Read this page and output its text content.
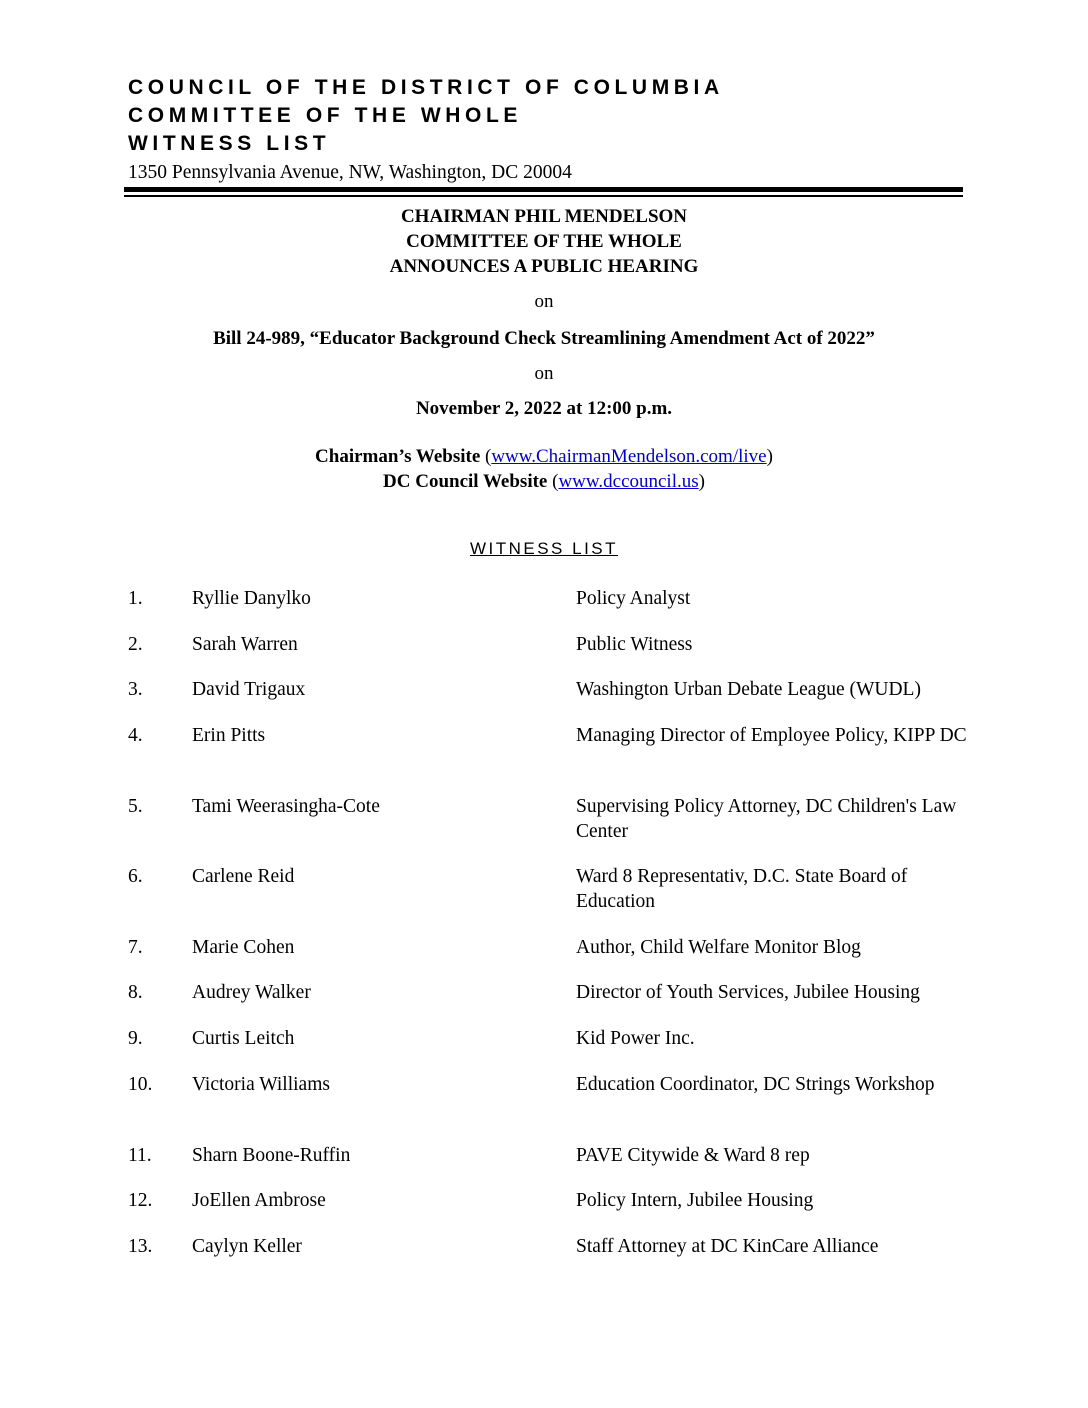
COUNCIL OF THE DISTRICT OF COLUMBIA
COMMITTEE OF THE WHOLE
WITNESS LIST
1350 Pennsylvania Avenue, NW, Washington, DC 20004
CHAIRMAN PHIL MENDELSON
COMMITTEE OF THE WHOLE
ANNOUNCES A PUBLIC HEARING
on
Bill 24-989, “Educator Background Check Streamlining Amendment Act of 2022”
on
November 2, 2022 at 12:00 p.m.
Chairman’s Website (www.ChairmanMendelson.com/live)
DC Council Website (www.dccouncil.us)
WITNESS LIST
1.	Ryllie Danylko	Policy Analyst
2.	Sarah Warren	Public Witness
3.	David Trigaux	Washington Urban Debate League (WUDL)
4.	Erin Pitts	Managing Director of Employee Policy, KIPP DC
5.	Tami Weerasingha-Cote	Supervising Policy Attorney, DC Children's Law Center
6.	Carlene Reid	Ward 8 Representativ, D.C. State Board of Education
7.	Marie Cohen	Author, Child Welfare Monitor Blog
8.	Audrey Walker	Director of Youth Services, Jubilee Housing
9.	Curtis Leitch	Kid Power Inc.
10. Victoria Williams	Education Coordinator, DC Strings Workshop
11. Sharn Boone-Ruffin	PAVE Citywide & Ward 8 rep
12. JoEllen Ambrose	Policy Intern, Jubilee Housing
13. Caylyn Keller	Staff Attorney at DC KinCare Alliance
